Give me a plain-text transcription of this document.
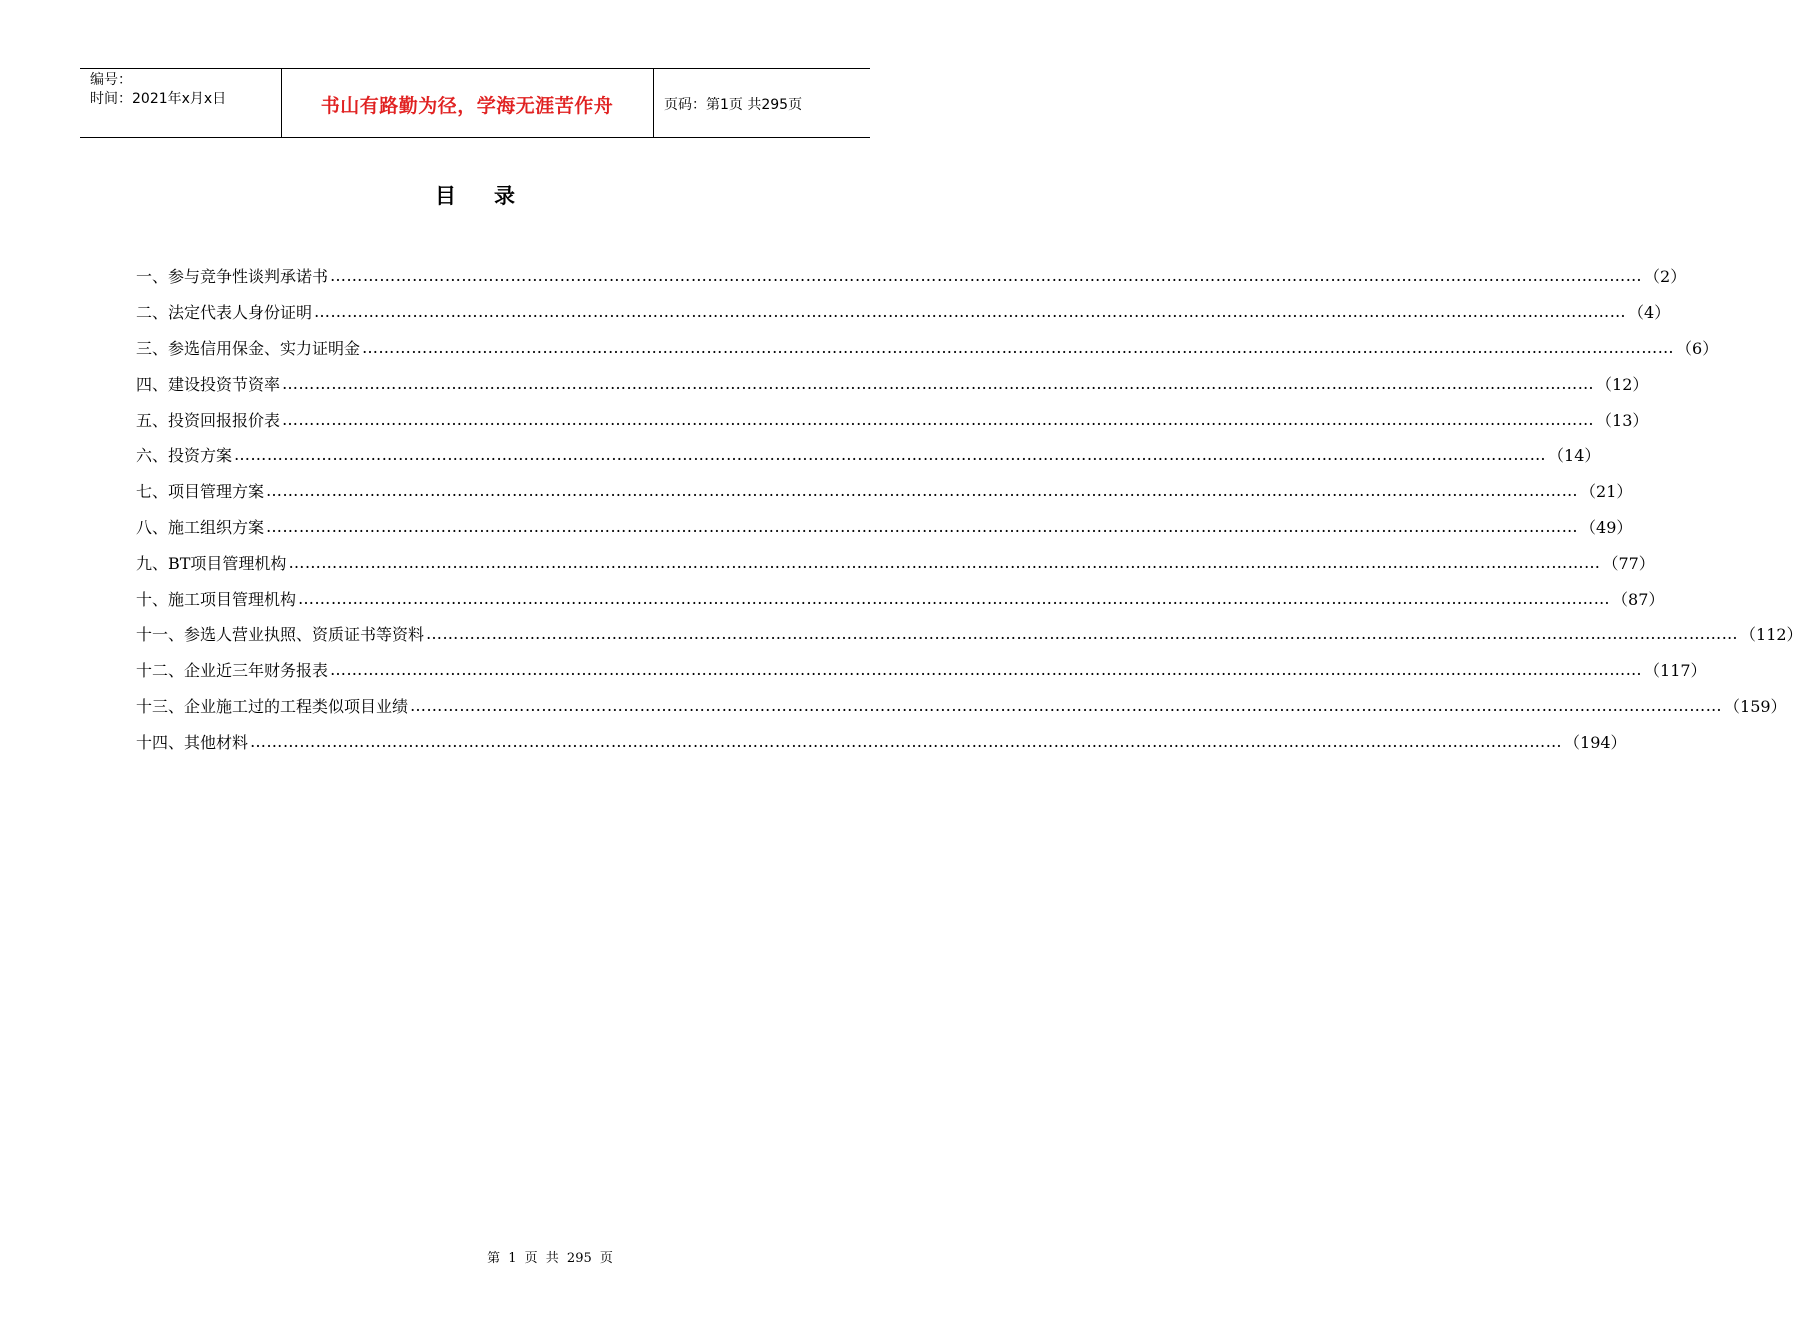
编号：
时间：2021年x月x日	书山有路勤为径，学海无涯苦作舟	页码：第1页 共295页
目录
一、参与竞争性谈判承诺书 …………………………………………………………………………………………………………………………………………………………………………………………………………………… （2）
二、法定代表人身份证明 …………………………………………………………………………………………………………………………………………………………………………………………………………………… （4）
三、参选信用保金、实力证明金 …………………………………………………………………………………………………………………………………………………………………………………………………………………… （6）
四、建设投资节资率 …………………………………………………………………………………………………………………………………………………………………………………………………………………… （12）
五、投资回报报价表 …………………………………………………………………………………………………………………………………………………………………………………………………………………… （13）
六、投资方案 …………………………………………………………………………………………………………………………………………………………………………………………………………………… （14）
七、项目管理方案 …………………………………………………………………………………………………………………………………………………………………………………………………………………… （21）
八、施工组织方案 …………………………………………………………………………………………………………………………………………………………………………………………………………………… （49）
九、BT项目管理机构 …………………………………………………………………………………………………………………………………………………………………………………………………………………… （77）
十、施工项目管理机构 …………………………………………………………………………………………………………………………………………………………………………………………………………………… （87）
十一、参选人营业执照、资质证书等资料 …………………………………………………………………………………………………………………………………………………………………………………………………………………… （112）
十二、企业近三年财务报表 …………………………………………………………………………………………………………………………………………………………………………………………………………………… （117）
十三、企业施工过的工程类似项目业绩 …………………………………………………………………………………………………………………………………………………………………………………………………………………… （159）
十四、其他材料 …………………………………………………………………………………………………………………………………………………………………………………………………………………… （194）
第 1 页 共 295 页
